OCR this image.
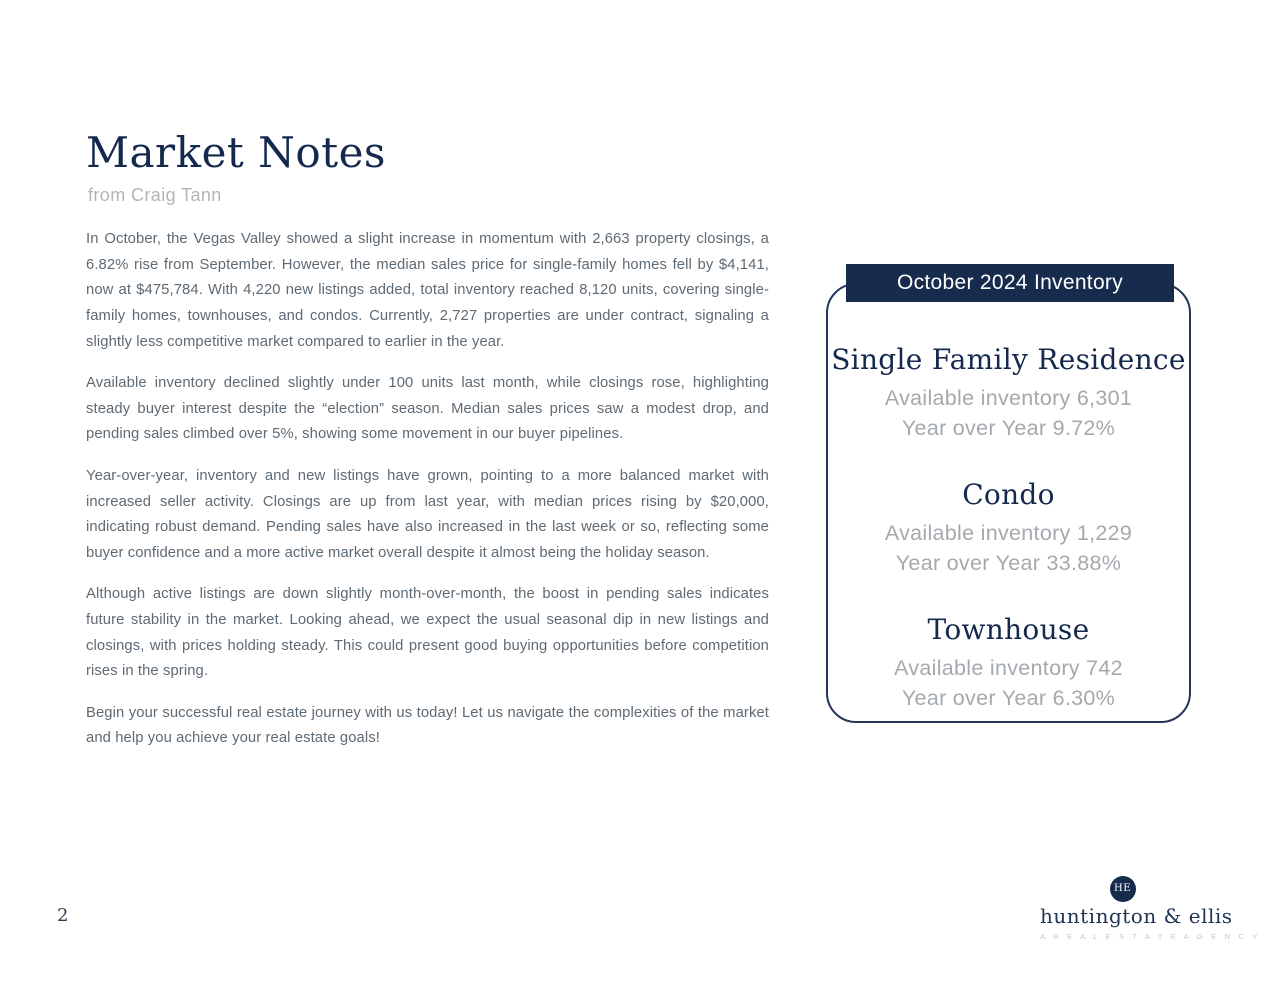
Market Notes

from Craig Tann

In October, the Vegas Valley showed a slight increase in momentum with 2,663 property closings, a 6.82% rise from September. However, the median sales price for single-family homes fell by $4,141, now at $475,784. With 4,220 new listings added, total inventory reached 8,120 units, covering single-family homes, townhouses, and condos. Currently, 2,727 properties are under contract, signaling a slightly less competitive market compared to earlier in the year.

Available inventory declined slightly under 100 units last month, while closings rose, highlighting steady buyer interest despite the “election” season. Median sales prices saw a modest drop, and pending sales climbed over 5%, showing some movement in our buyer pipelines.

Year-over-year, inventory and new listings have grown, pointing to a more balanced market with increased seller activity. Closings are up from last year, with median prices rising by $20,000, indicating robust demand. Pending sales have also increased in the last week or so, reflecting some buyer confidence and a more active market overall despite it almost being the holiday season.

Although active listings are down slightly month-over-month, the boost in pending sales indicates future stability in the market. Looking ahead, we expect the usual seasonal dip in new listings and closings, with prices holding steady. This could present good buying opportunities before competition rises in the spring.

Begin your successful real estate journey with us today! Let us navigate the complexities of the market and help you achieve your real estate goals!

October 2024 Inventory
Single Family Residence

Available inventory 6,301

Year over Year 9.72%

Condo

Available inventory 1,229

Year over Year 33.88%

Townhouse

Available inventory 742

Year over Year 6.30%

2
HE
huntington & ellis
A R E A L E S T A T E A G E N C Y
